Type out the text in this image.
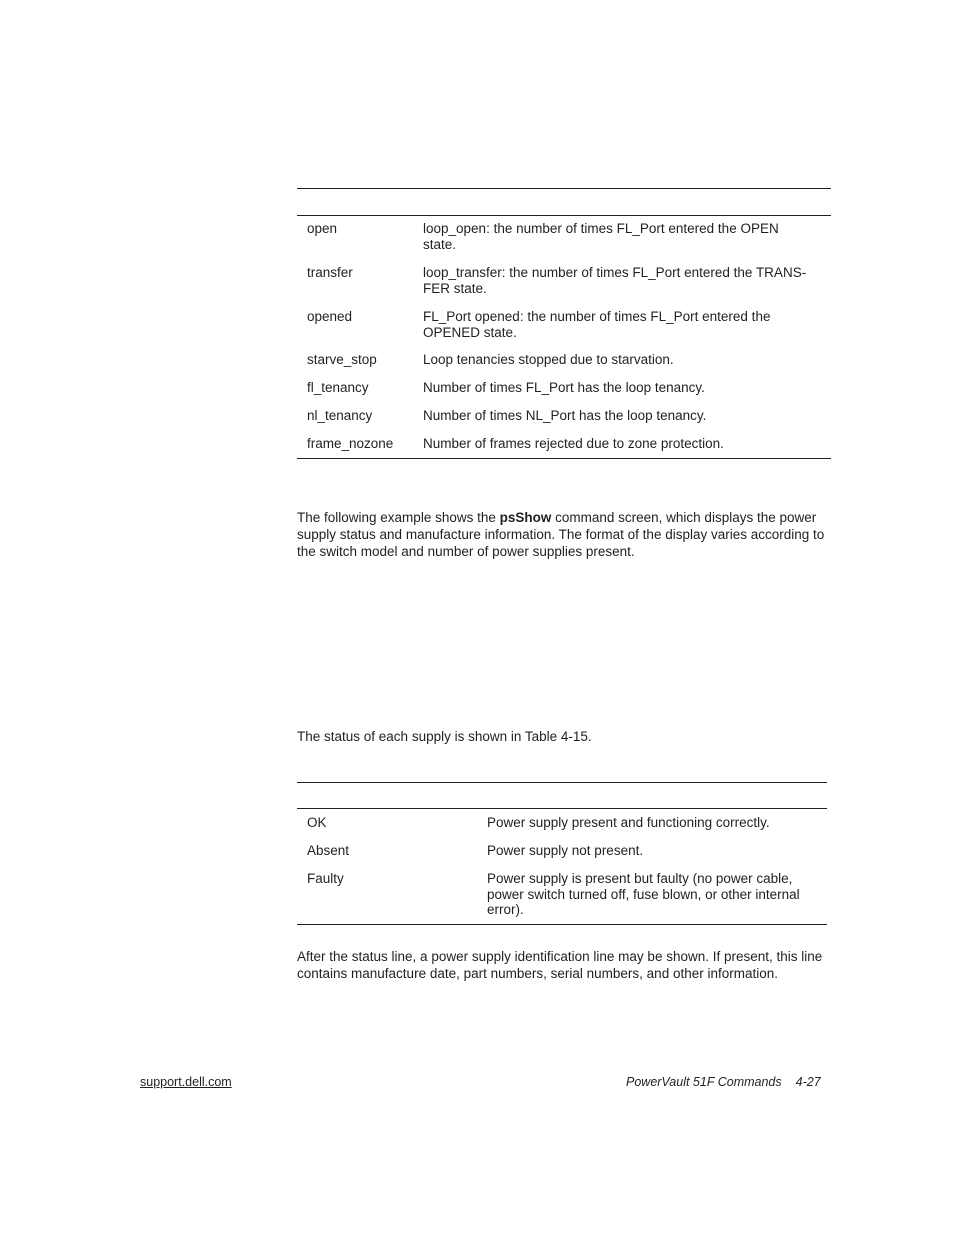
open	loop_open: the number of times FL_Port entered the OPEN state.
transfer	loop_transfer: the number of times FL_Port entered the TRANS-FER state.
opened	FL_Port opened: the number of times FL_Port entered the OPENED state.
starve_stop	Loop tenancies stopped due to starvation.
fl_tenancy	Number of times FL_Port has the loop tenancy.
nl_tenancy	Number of times NL_Port has the loop tenancy.
frame_nozone Number of frames rejected due to zone protection.
The following example shows the psShow command screen, which displays the power supply status and manufacture information. The format of the display varies according to the switch model and number of power supplies present.
The status of each supply is shown in Table 4-15.
OK	Power supply present and functioning correctly.
Absent	Power supply not present.
Faulty	Power supply is present but faulty (no power cable, power switch turned off, fuse blown, or other internal error).
After the status line, a power supply identification line may be shown. If present, this line contains manufacture date, part numbers, serial numbers, and other information.
support.dell.com	PowerVault 51F Commands 4-27
